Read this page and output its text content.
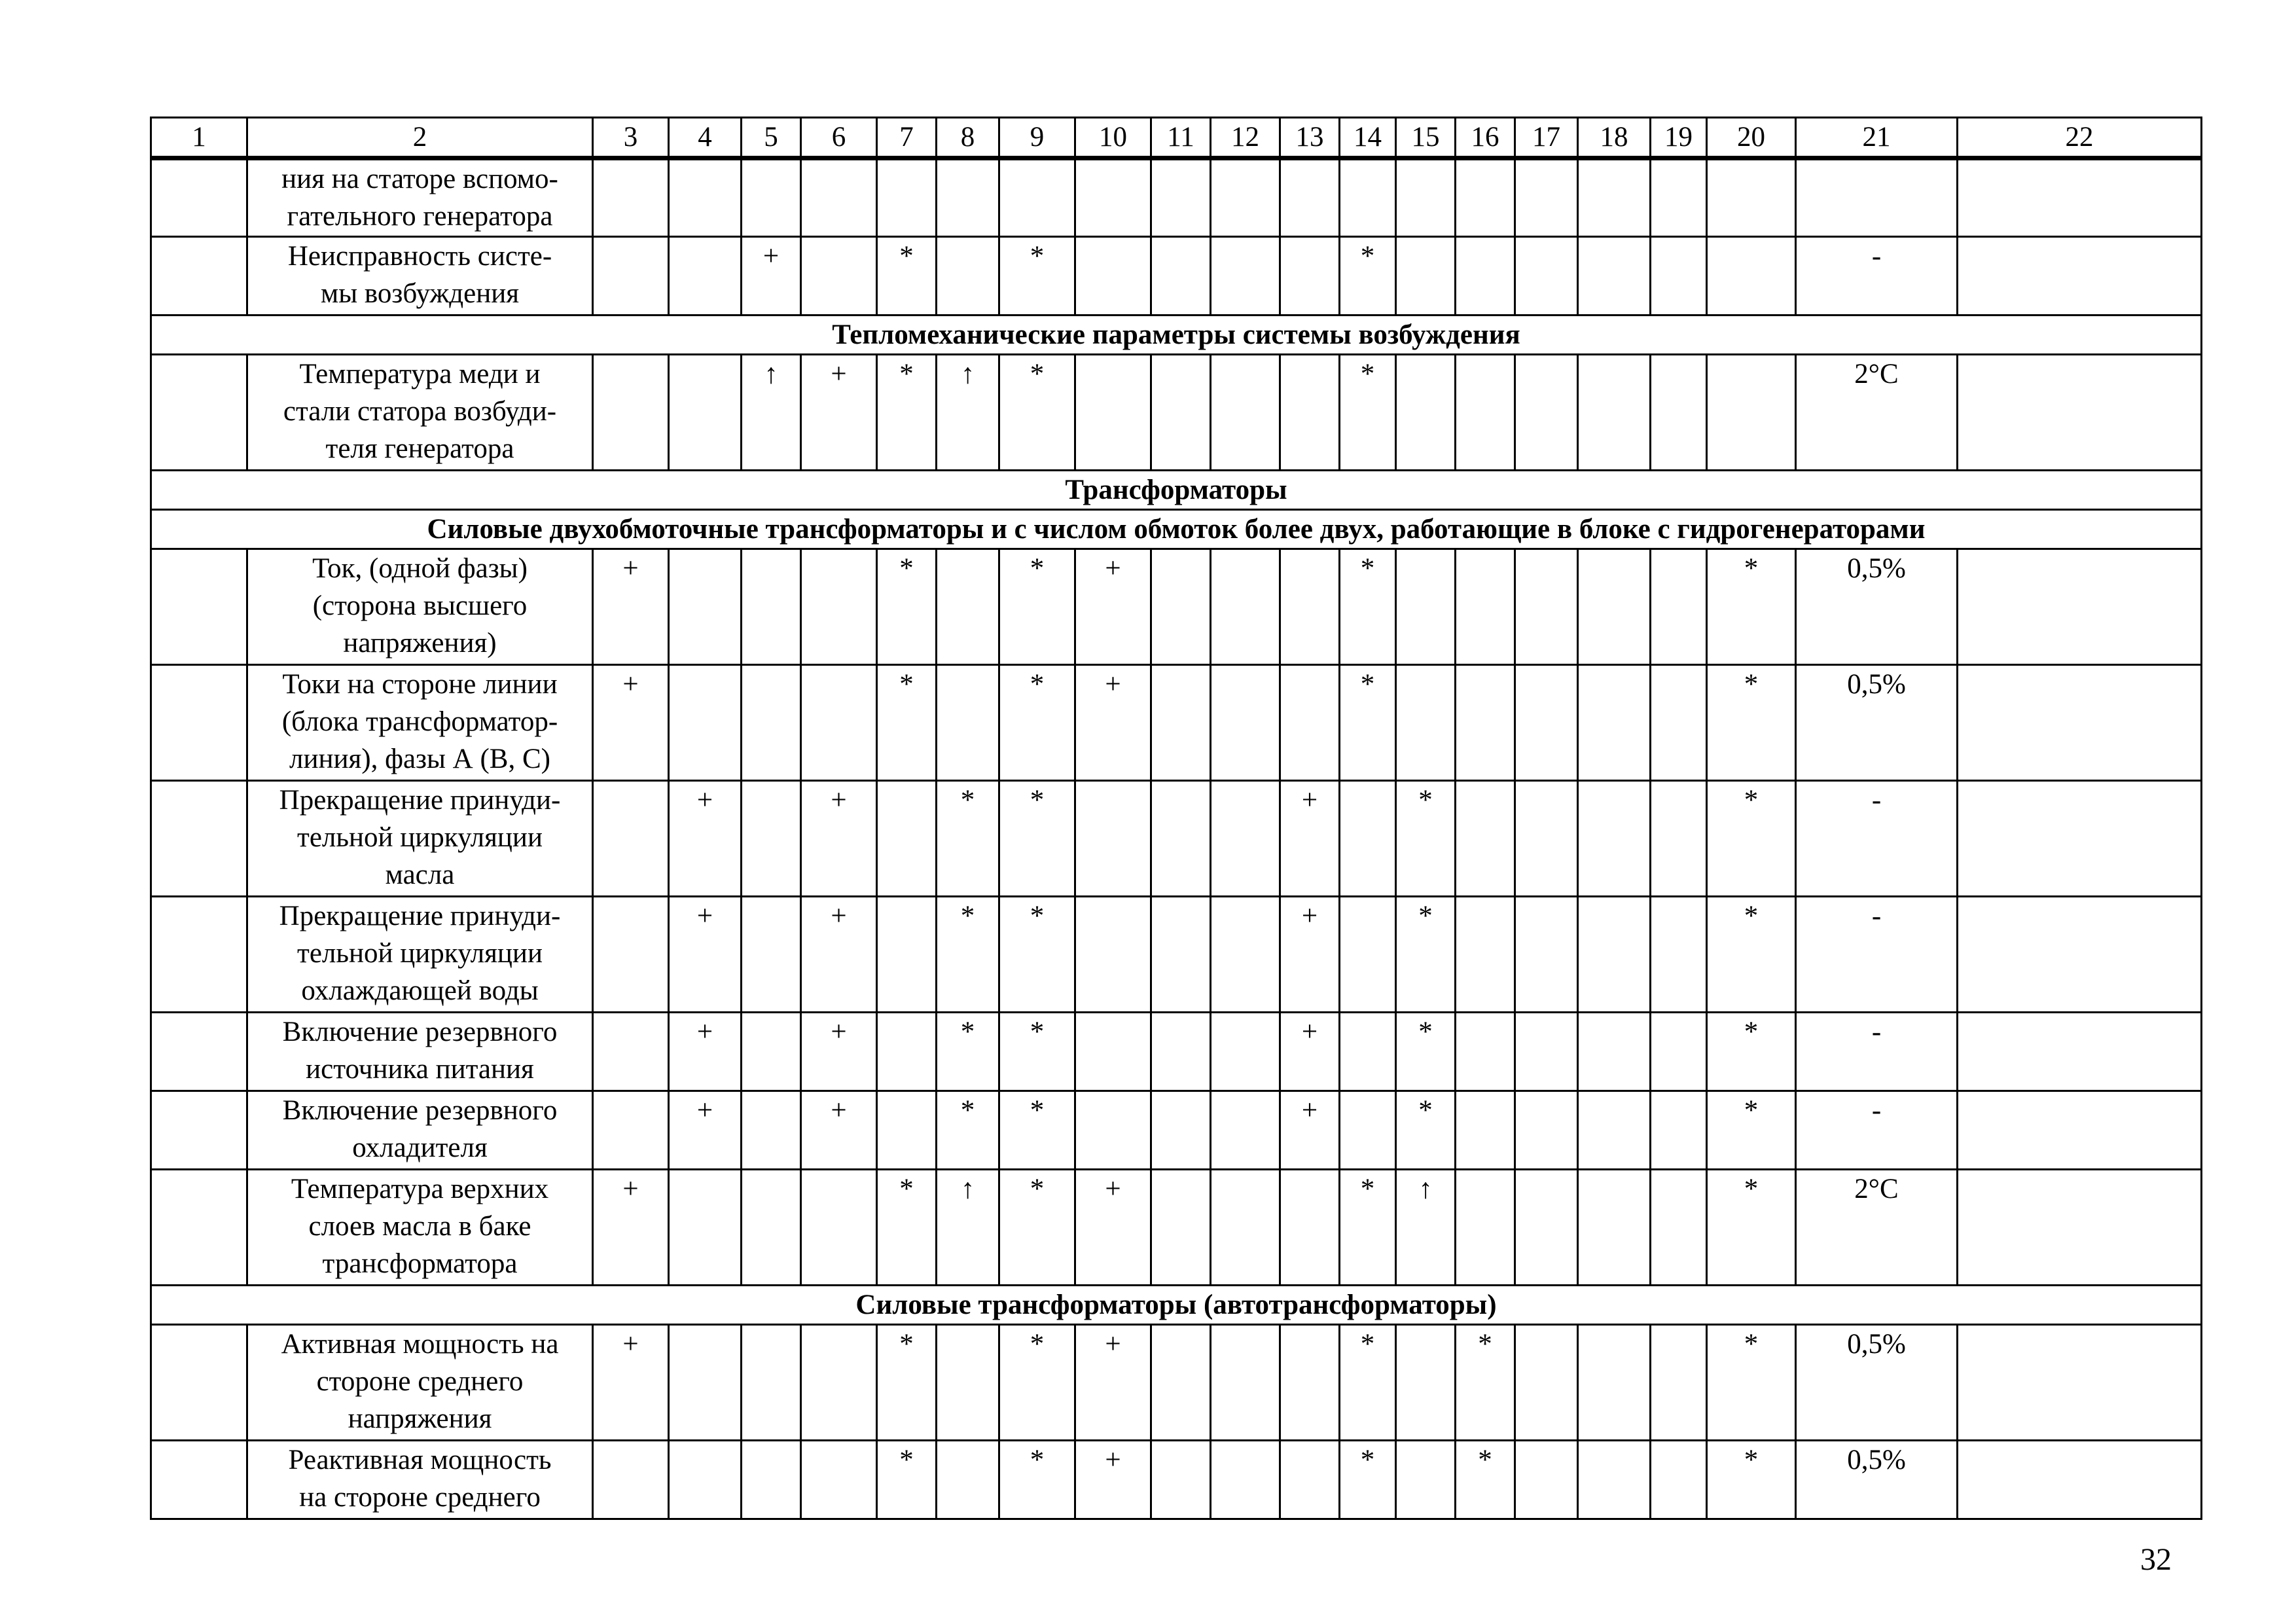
1	2	3	4	5	6	7	8	9	10	11	12	13	14	15	16	17	18	19	20	21	22
	ния на статоре вспомо-
гательного генератора																				
	Неисправность систе-
мы возбуждения			+		*		*					*							-	
Тепломеханические параметры системы возбуждения																					
	Температура меди и
стали статора возбуди-
теля генератора			↑	+	*	↑	*					*							2°С	
Трансформаторы																					
Силовые двухобмоточные трансформаторы и с числом обмоток более двух, работающие в блоке с гидрогенераторами																					
	Ток, (одной фазы)
(сторона высшего
напряжения)	+				*		*	+				*						*	0,5%	
	Токи на стороне линии
(блока трансформатор-
линия), фазы А (В, С)	+				*		*	+				*						*	0,5%	
	Прекращение принуди-
тельной циркуляции
масла		+		+		*	*				+		*					*	-	
	Прекращение принуди-
тельной циркуляции
охлаждающей воды		+		+		*	*				+		*					*	-	
	Включение резервного
источника питания		+		+		*	*				+		*					*	-	
	Включение резервного
охладителя		+		+		*	*				+		*					*	-	
	Температура верхних
слоев масла в баке
трансформатора	+				*	↑	*	+				*	↑					*	2°С	
Силовые трансформаторы (автотрансформаторы)																					
	Активная мощность на
стороне среднего
напряжения	+				*		*	+				*		*				*	0,5%	
	Реактивная мощность
на стороне среднего					*		*	+				*		*				*	0,5%	
32
